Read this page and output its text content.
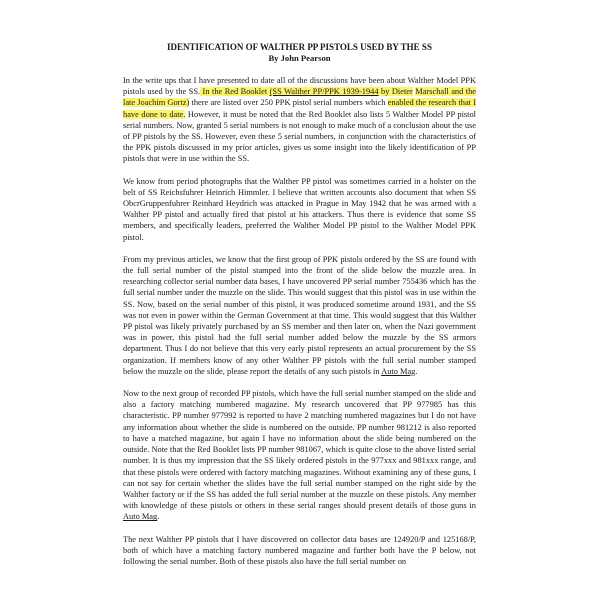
IDENTIFICATION OF WALTHER PP PISTOLS USED BY THE SS
By John Pearson

In the write ups that I have presented to date all of the discussions have been about Walther Model PPK pistols used by the SS. In the Red Booklet (SS Walther PP/PPK 1939-1944 by Dieter Marschall and the late Joachim Gortz) there are listed over 250 PPK pistol serial numbers which enabled the research that I have done to date. However, it must be noted that the Red Booklet also lists 5 Walther Model PP pistol serial numbers. Now, granted 5 serial numbers is not enough to make much of a conclusion about the use of PP pistols by the SS. However, even these 5 serial numbers, in conjunction with the characteristics of the PPK pistols discussed in my prior articles, gives us some insight into the likely identification of PP pistols that were in use within the SS.

We know from period photographs that the Walther PP pistol was sometimes carried in a holster on the belt of SS Reichsfuhrer Heinrich Himmler. I believe that written accounts also document that when SS ObcrGruppenfuhrer Reinhard Heydrich was attacked in Prague in May 1942 that he was armed with a Walther PP pistol and actually fired that pistol at his attackers. Thus there is evidence that some SS members, and specifically leaders, preferred the Walther Model PP pistol to the Walther Model PPK pistol.

From my previous articles, we know that the first group of PPK pistols ordered by the SS are found with the full serial number of the pistol stamped into the front of the slide below the muzzle area. In researching collector serial number data bases, I have uncovered PP serial number 755436 which has the full serial number under the muzzle on the slide. This would suggest that this pistol was in use within the SS. Now, based on the serial number of this pistol, it was produced sometime around 1931, and the SS was not even in power within the German Government at that time. This would suggest that this Walther PP pistol was likely privately purchased by an SS member and then later on, when the Nazi government was in power, this pistol had the full serial number added below the muzzle by the SS armors department. Thus I do not believe that this very early pistol represents an actual procurement by the SS organization. If members know of any other Walther PP pistols with the full serial number stamped below the muzzle on the slide, please report the details of any such pistols in Auto Mag.

Now to the next group of recorded PP pistols, which have the full serial number stamped on the slide and also a factory matching numbered magazine. My research uncovered that PP 977985 has this characteristic. PP number 977992 is reported to have 2 matching numbered magazines but I do not have any information about whether the slide is numbered on the outside. PP number 981212 is also reported to have a matched magazine, but again I have no information about the slide being numbered on the outside. Note that the Red Booklet lists PP number 981067, which is quite close to the above listed serial number. It is thus my impression that the SS likely ordered pistols in the 977xxx and 981xxx range, and that these pistols were ordered with factory matching magazines. Without examining any of these guns, I can not say for certain whether the slides have the full serial number stamped on the right side by the Walther factory or if the SS has added the full serial number at the muzzle on these pistols. Any member with knowledge of these pistols or others in these serial ranges should present details of those guns in Auto Mag.

The next Walther PP pistols that I have discovered on collector data bases are 124920/P and 125168/P, both of which have a matching factory numbered magazine and further both have the P below, not following the serial number. Both of these pistols also have the full serial number on
